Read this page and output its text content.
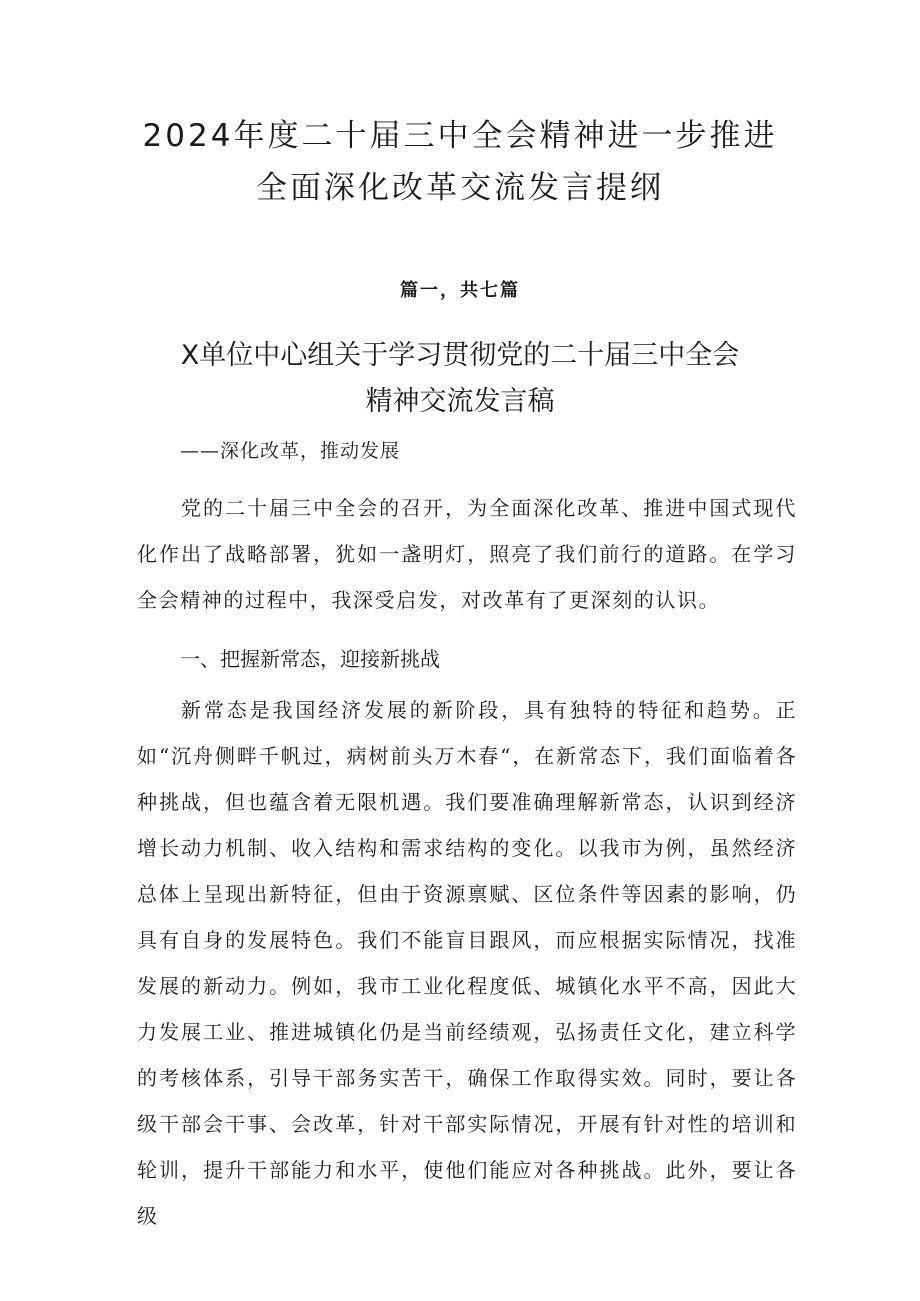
2024年度二十届三中全会精神进一步推进
全面深化改革交流发言提纲
篇一，共七篇
X单位中心组关于学习贯彻党的二十届三中全会
精神交流发言稿
——深化改革，推动发展

党的二十届三中全会的召开，为全面深化改革、推进中国式现代化作出了战略部署，犹如一盏明灯，照亮了我们前行的道路。在学习全会精神的过程中，我深受启发，对改革有了更深刻的认识。

一、把握新常态，迎接新挑战

新常态是我国经济发展的新阶段，具有独特的特征和趋势。正如“沉舟侧畔千帆过，病树前头万木春“，在新常态下，我们面临着各种挑战，但也蕴含着无限机遇。我们要准确理解新常态，认识到经济增长动力机制、收入结构和需求结构的变化。以我市为例，虽然经济总体上呈现出新特征，但由于资源禀赋、区位条件等因素的影响，仍具有自身的发展特色。我们不能盲目跟风，而应根据实际情况，找准发展的新动力。例如，我市工业化程度低、城镇化水平不高，因此大力发展工业、推进城镇化仍是当前经绩观，弘扬责任文化，建立科学的考核体系，引导干部务实苦干，确保工作取得实效。同时，要让各级干部会干事、会改革，针对干部实际情况，开展有针对性的培训和轮训，提升干部能力和水平，使他们能应对各种挑战。此外，要让各级
